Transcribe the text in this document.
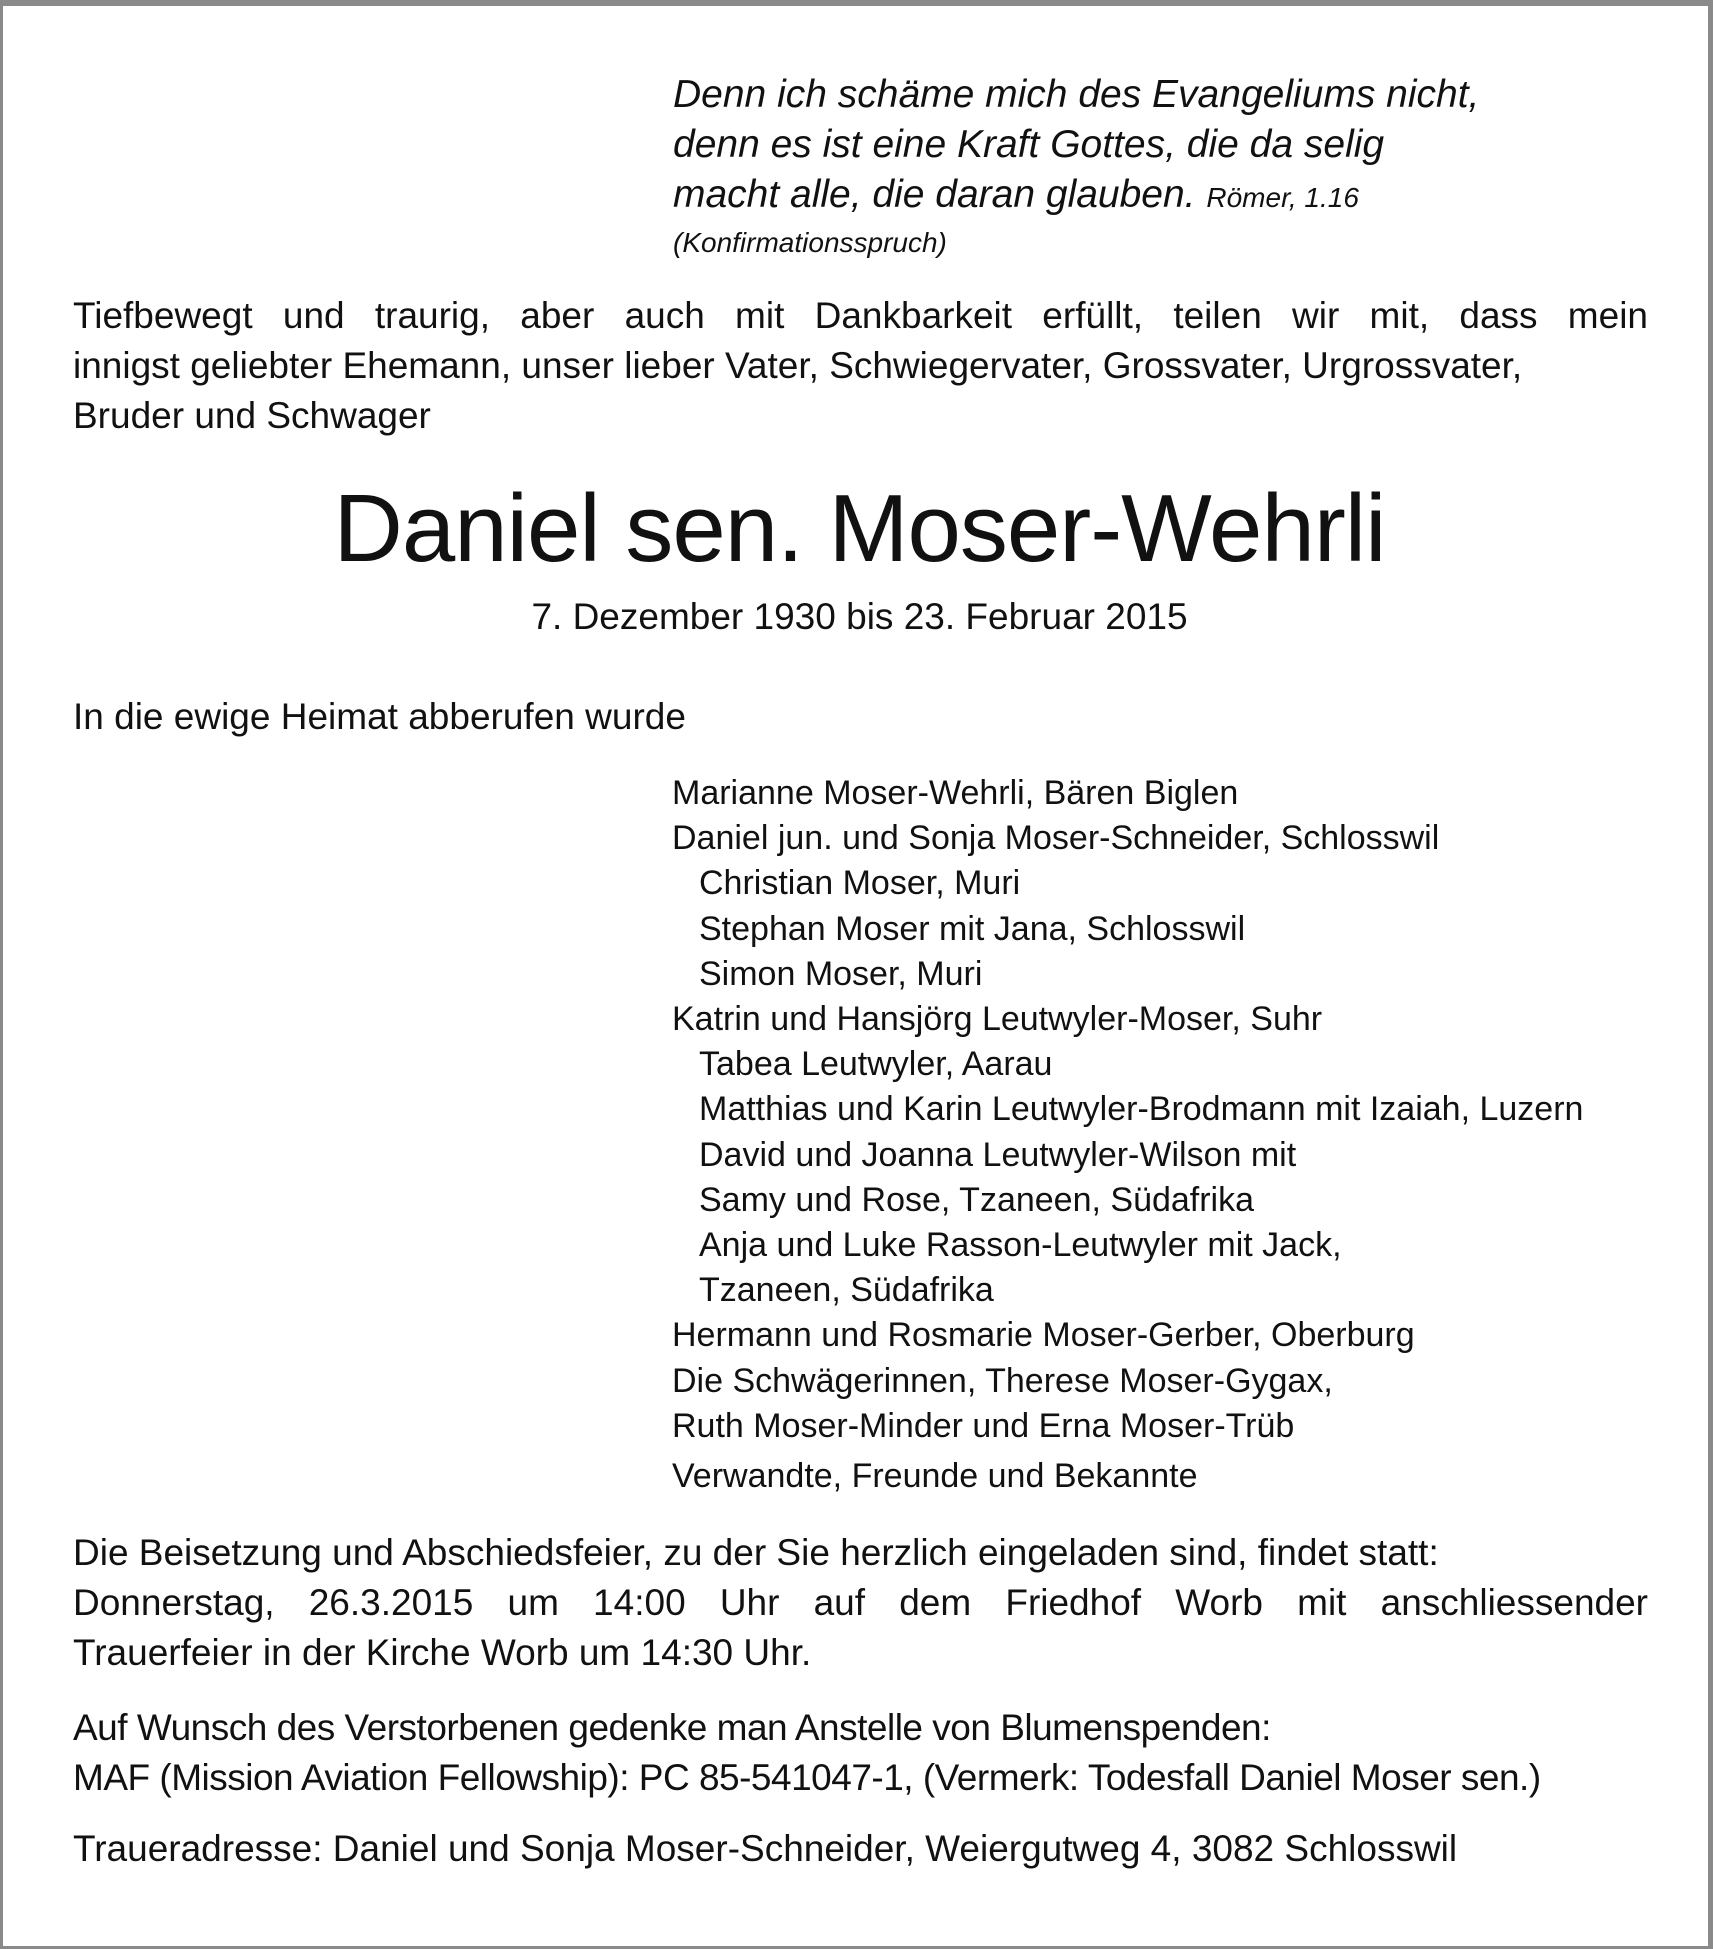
Denn ich schäme mich des Evangeliums nicht,
denn es ist eine Kraft Gottes, die da selig
macht alle, die daran glauben. Römer, 1.16
(Konfirmationsspruch)
Tiefbewegt und traurig, aber auch mit Dankbarkeit erfüllt, teilen wir mit, dass mein
innigst geliebter Ehemann, unser lieber Vater, Schwiegervater, Grossvater, Urgrossvater,
Bruder und Schwager
Daniel sen. Moser-Wehrli
7. Dezember 1930 bis 23. Februar 2015
In die ewige Heimat abberufen wurde
Marianne Moser-Wehrli, Bären Biglen
Daniel jun. und Sonja Moser-Schneider, Schlosswil
Christian Moser, Muri
Stephan Moser mit Jana, Schlosswil
Simon Moser, Muri
Katrin und Hansjörg Leutwyler-Moser, Suhr
Tabea Leutwyler, Aarau
Matthias und Karin Leutwyler-Brodmann mit Izaiah, Luzern
David und Joanna Leutwyler-Wilson mit
Samy und Rose, Tzaneen, Südafrika
Anja und Luke Rasson-Leutwyler mit Jack,
Tzaneen, Südafrika
Hermann und Rosmarie Moser-Gerber, Oberburg
Die Schwägerinnen, Therese Moser-Gygax,
Ruth Moser-Minder und Erna Moser-Trüb
Verwandte, Freunde und Bekannte
Die Beisetzung und Abschiedsfeier, zu der Sie herzlich eingeladen sind, findet statt:
Donnerstag, 26.3.2015 um 14:00 Uhr auf dem Friedhof Worb mit anschliessender
Trauerfeier in der Kirche Worb um 14:30 Uhr.
Auf Wunsch des Verstorbenen gedenke man Anstelle von Blumenspenden:
MAF (Mission Aviation Fellowship): PC 85-541047-1, (Vermerk: Todesfall Daniel Moser sen.)
Traueradresse: Daniel und Sonja Moser-Schneider, Weiergutweg 4, 3082 Schlosswil
